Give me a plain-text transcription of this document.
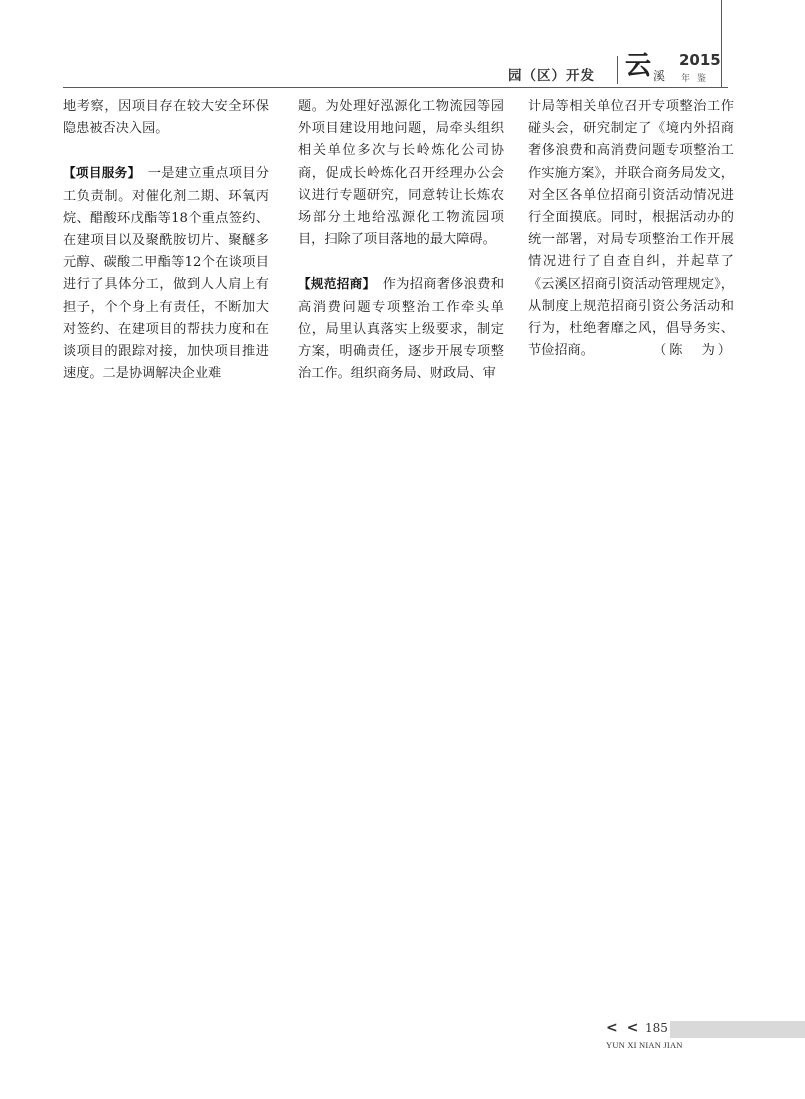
园（区）开发 云 溪
2015
年鉴

地考察，因项目存在较大安全环保隐患被否决入园。

【项目服务】　一是建立重点项目分工负责制。对催化剂二期、环氧丙烷、醋酸环戊酯等18个重点签约、在建项目以及聚酰胺切片、聚醚多元醇、碳酸二甲酯等12个在谈项目进行了具体分工，做到人人肩上有担子，个个身上有责任，不断加大对签约、在建项目的帮扶力度和在谈项目的跟踪对接，加快项目推进速度。二是协调解决企业难

题。为处理好泓源化工物流园等园外项目建设用地问题，局牵头组织相关单位多次与长岭炼化公司协商，促成长岭炼化召开经理办公会议进行专题研究，同意转让长炼农场部分土地给泓源化工物流园项目，扫除了项目落地的最大障碍。

【规范招商】　作为招商奢侈浪费和高消费问题专项整治工作牵头单位，局里认真落实上级要求，制定方案，明确责任，逐步开展专项整治工作。组织商务局、财政局、审

计局等相关单位召开专项整治工作碰头会，研究制定了《境内外招商奢侈浪费和高消费问题专项整治工作实施方案》，并联合商务局发文，对全区各单位招商引资活动情况进行全面摸底。同时，根据活动办的统一部署，对局专项整治工作开展情况进行了自查自纠，并起草了《云溪区招商引资活动管理规定》，从制度上规范招商引资公务活动和行为，杜绝奢靡之风，倡导务实、节俭招商。	（陈　为）

< < 185
YUN XI NIAN JIAN
